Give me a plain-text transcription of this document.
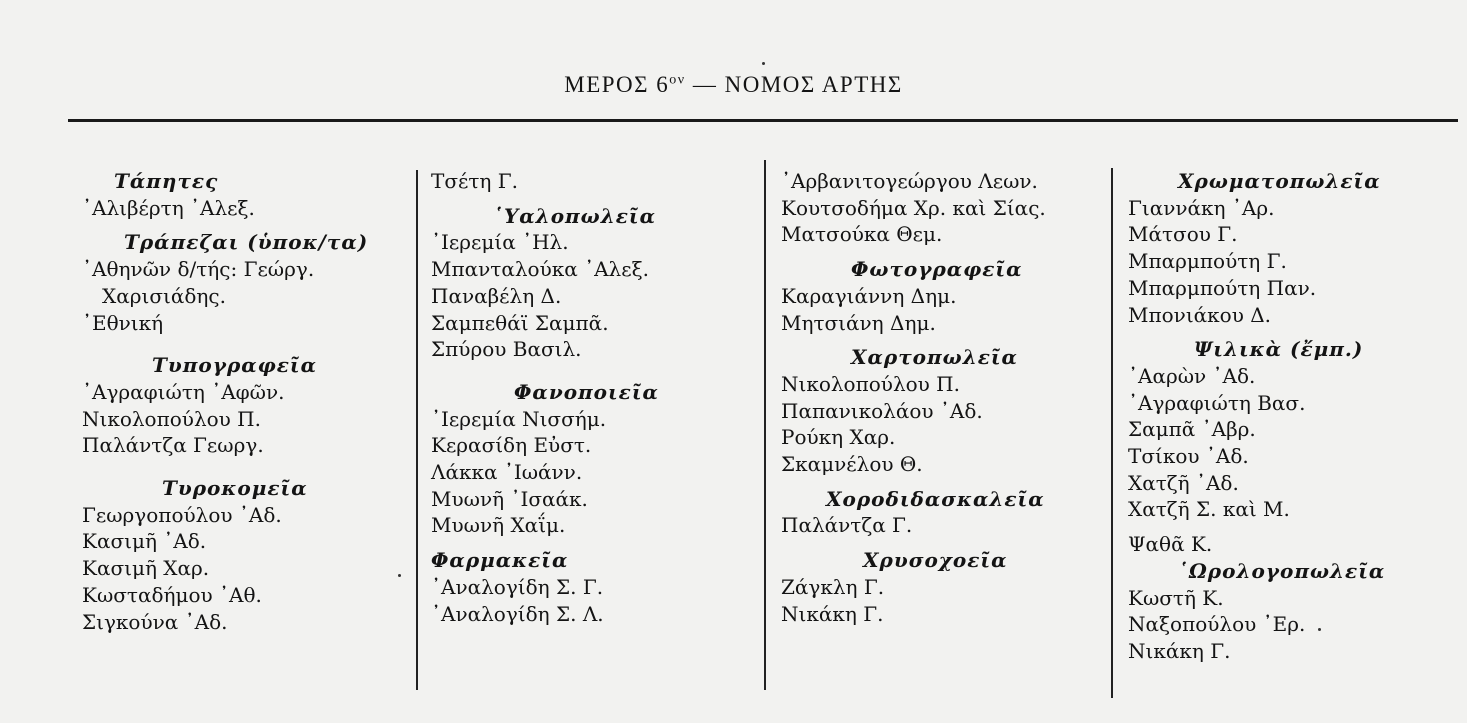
ΜΕΡΟΣ $6^{o\nu}$ — ΝΟΜΟΣ ΑΡΤΗΣ
Τάπητες
᾿Αλιβέρτη ᾿Αλεξ.
Τράπεζαι (ὑποκ/τα)
᾿Αθηνῶν δ/τής: Γεώργ.
Χαρισιάδης.
᾿Εθνική
Τυπογραφεῖα
᾿Αγραφιώτη ᾿Αφῶν.
Νικολοπούλου Π.
Παλάντζα Γεωργ.
Τυροκομεῖα
Γεωργοπούλου ᾿Αδ.
Κασιμῆ ᾿Αδ.
Κασιμῆ Χαρ.
Κωσταδήμου ᾿Αθ.
Σιγκούνα ᾿Αδ.
Τσέτη Γ.
῾Υαλοπωλεῖα
᾿Ιερεμία ᾿Ηλ.
Μπανταλούκα ᾿Αλεξ.
Παναβέλη Δ.
Σαμπεθάϊ Σαμπᾶ.
Σπύρου Βασιλ.
Φανοποιεῖα
᾿Ιερεμία Νισσήμ.
Κερασίδη Εὐστ.
Λάκκα ᾿Ιωάνν.
Μυωνῆ ᾿Ισαάκ.
Μυωνῆ Χαΐμ.
Φαρμακεῖα
᾿Αναλογίδη Σ. Γ.
᾿Αναλογίδη Σ. Λ.
᾿Αρβανιτογεώργου Λεων.
Κουτσοδήμα Χρ. καὶ Σίας.
Ματσούκα Θεμ.
Φωτογραφεῖα
Καραγιάννη Δημ.
Μητσιάνη Δημ.
Χαρτοπωλεῖα
Νικολοπούλου Π.
Παπανικολάου ᾿Αδ.
Ρούκη Χαρ.
Σκαμνέλου Θ.
Χοροδιδασκαλεῖα
Παλάντζα Γ.
Χρυσοχοεῖα
Ζάγκλη Γ.
Νικάκη Γ.
Χρωματοπωλεῖα
Γιαννάκη ᾿Αρ.
Μάτσου Γ.
Μπαρμπούτη Γ.
Μπαρμπούτη Παν.
Μπονιάκου Δ.
Ψιλικὰ (ἔμπ.)
᾿Ααρὼν ᾿Αδ.
᾿Αγραφιώτη Βασ.
Σαμπᾶ ᾿Αβρ.
Τσίκου ᾿Αδ.
Χατζῆ ᾿Αδ.
Χατζῆ Σ. καὶ Μ.
Ψαθᾶ Κ.
῾Ωρολογοπωλεῖα
Κωστῆ Κ.
Ναξοπούλου ᾿Ερ.
Νικάκη Γ.
